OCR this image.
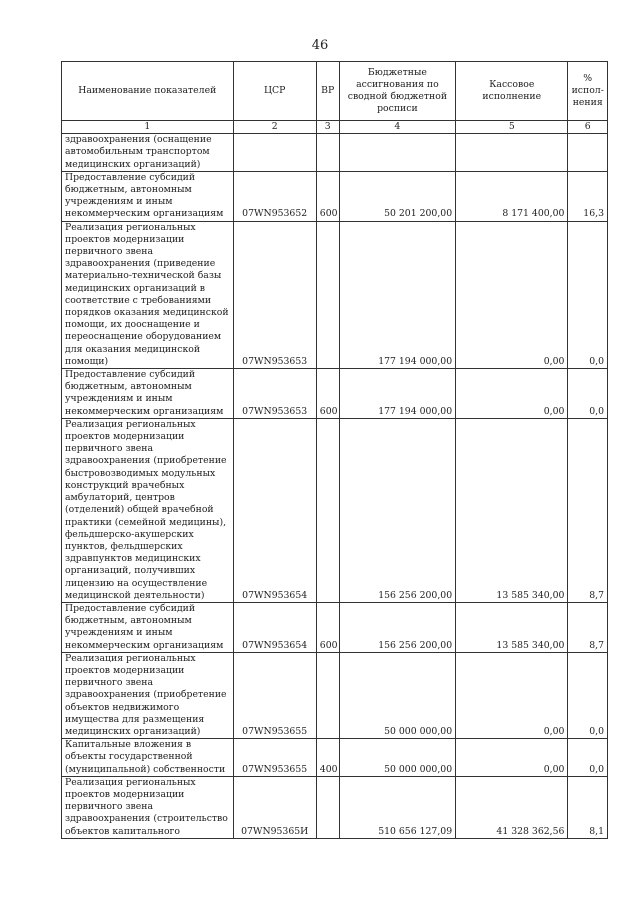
46
Наименование показателей	ЦСР	ВР	Бюджетные ассигнования по сводной бюджетной росписи	Кассовое исполнение	% испол-нения
1	2	3	4	5	6
здравоохранения (оснащение автомобильным транспортом медицинских организаций)					
Предоставление субсидий бюджетным, автономным учреждениям и иным некоммерческим организациям	07WN953652	600	50 201 200,00	8 171 400,00	16,3
Реализация региональных проектов модернизации первичного звена здравоохранения (приведение материально-технической базы медицинских организаций в соответствие с требованиями порядков оказания медицинской помощи, их дооснащение и переоснащение оборудованием для оказания медицинской помощи)	07WN953653		177 194 000,00	0,00	0,0
Предоставление субсидий бюджетным, автономным учреждениям и иным некоммерческим организациям	07WN953653	600	177 194 000,00	0,00	0,0
Реализация региональных проектов модернизации первичного звена здравоохранения (приобретение быстровозводимых модульных конструкций врачебных амбулаторий, центров (отделений) общей врачебной практики (семейной медицины), фельдшерско-акушерских пунктов, фельдшерских здравпунктов медицинских организаций, получивших лицензию на осуществление медицинской деятельности)	07WN953654		156 256 200,00	13 585 340,00	8,7
Предоставление субсидий бюджетным, автономным учреждениям и иным некоммерческим организациям	07WN953654	600	156 256 200,00	13 585 340,00	8,7
Реализация региональных проектов модернизации первичного звена здравоохранения (приобретение объектов недвижимого имущества для размещения медицинских организаций)	07WN953655		50 000 000,00	0,00	0,0
Капитальные вложения в объекты государственной (муниципальной) собственности	07WN953655	400	50 000 000,00	0,00	0,0
Реализация региональных проектов модернизации первичного звена здравоохранения (строительство объектов капитального	07WN95365И		510 656 127,09	41 328 362,56	8,1
